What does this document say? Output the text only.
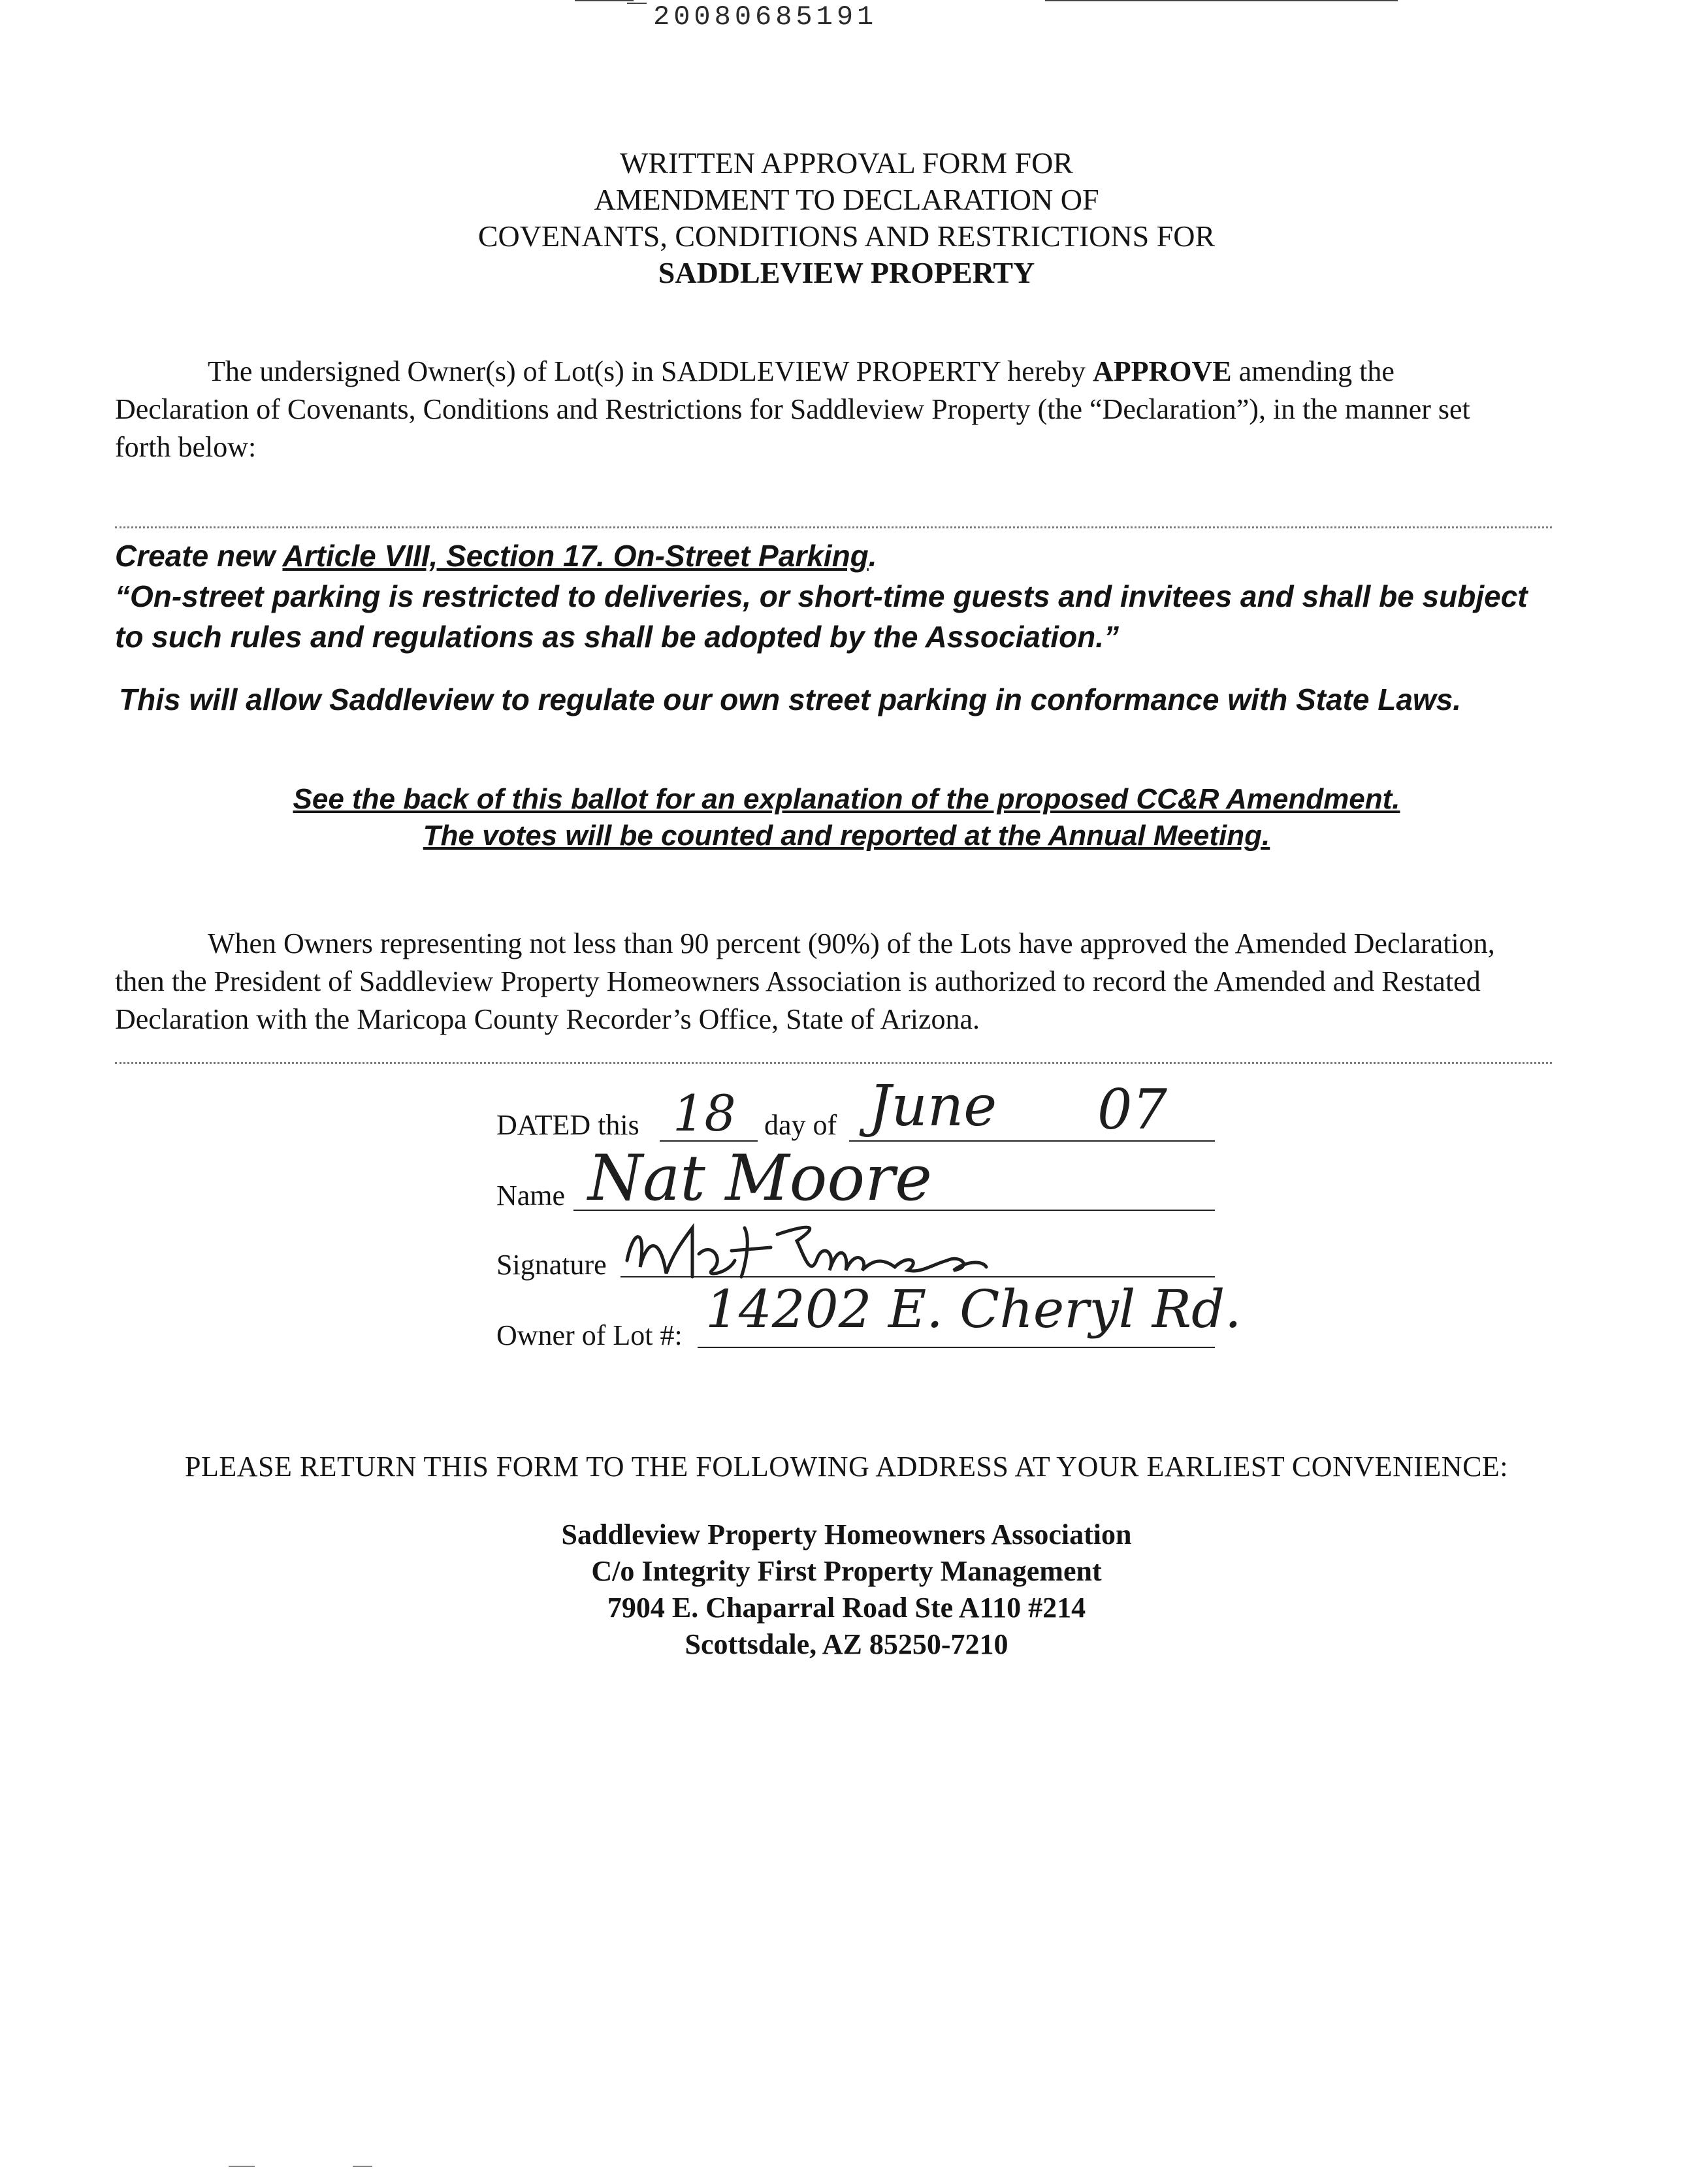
20080685191
WRITTEN APPROVAL FORM FOR
AMENDMENT TO DECLARATION OF
COVENANTS, CONDITIONS AND RESTRICTIONS FOR
SADDLEVIEW PROPERTY

The undersigned Owner(s) of Lot(s) in SADDLEVIEW PROPERTY hereby APPROVE amending the Declaration of Covenants, Conditions and Restrictions for Saddleview Property (the “Declaration”), in the manner set forth below:

Create new Article VIII, Section 17. On-Street Parking.
“On-street parking is restricted to deliveries, or short-time guests and invitees and shall be subject to such rules and regulations as shall be adopted by the Association.”
This will allow Saddleview to regulate our own street parking in conformance with State Laws.
See the back of this ballot for an explanation of the proposed CC&R Amendment.
The votes will be counted and reported at the Annual Meeting.

When Owners representing not less than 90 percent (90%) of the Lots have approved the Amended Declaration, then the President of Saddleview Property Homeowners Association is authorized to record the Amended and Restated Declaration with the Maricopa County Recorder’s Office, State of Arizona.

DATED this 18 day of June 07
Name Nat Moore
Signature
Owner of Lot #: 14202 E. Cheryl Rd.
PLEASE RETURN THIS FORM TO THE FOLLOWING ADDRESS AT YOUR EARLIEST CONVENIENCE:
Saddleview Property Homeowners Association
C/o Integrity First Property Management
7904 E. Chaparral Road Ste A110 #214
Scottsdale, AZ 85250-7210
